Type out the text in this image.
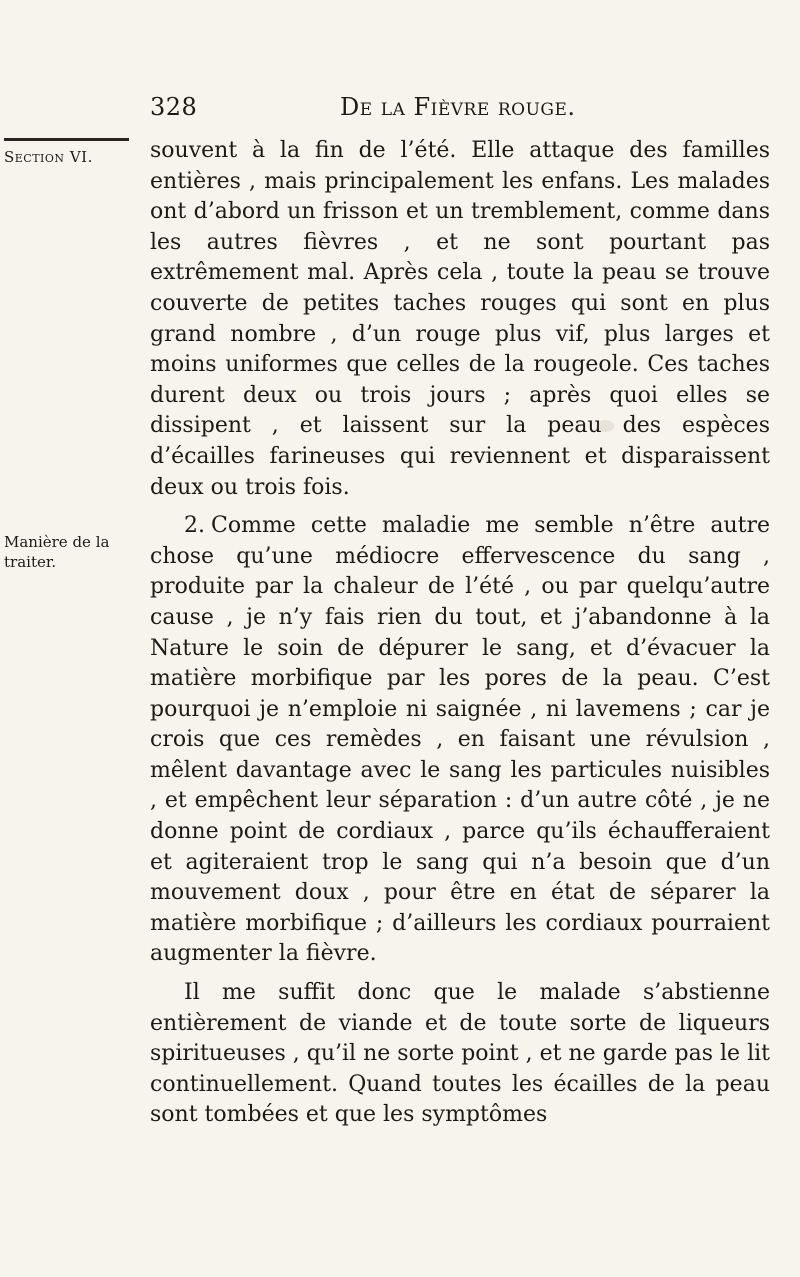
328	De la Fièvre rouge.
Section VI.
Manière de la traiter.

souvent à la fin de l’été. Elle attaque des familles entières , mais principalement les enfans. Les malades ont d’abord un frisson et un tremblement, comme dans les autres fièvres , et ne sont pourtant pas extrêmement mal. Après cela , toute la peau se trouve couverte de petites taches rouges qui sont en plus grand nombre , d’un rouge plus vif, plus larges et moins uniformes que celles de la rougeole. Ces taches durent deux ou trois jours ; après quoi elles se dissipent , et laissent sur la peau des espèces d’écailles farineuses qui reviennent et disparaissent deux ou trois fois.

2. Comme cette maladie me semble n’être autre chose qu’une médiocre effervescence du sang , produite par la chaleur de l’été , ou par quelqu’autre cause , je n’y fais rien du tout, et j’abandonne à la Nature le soin de dépurer le sang, et d’évacuer la matière morbifique par les pores de la peau. C’est pourquoi je n’emploie ni saignée , ni lavemens ; car je crois que ces remèdes , en faisant une révulsion , mêlent davantage avec le sang les particules nuisibles , et empêchent leur séparation : d’un autre côté , je ne donne point de cordiaux , parce qu’ils échaufferaient et agiteraient trop le sang qui n’a besoin que d’un mouvement doux , pour être en état de séparer la matière morbifique ; d’ailleurs les cordiaux pourraient augmenter la fièvre.

Il me suffit donc que le malade s’abstienne entièrement de viande et de toute sorte de liqueurs spiritueuses , qu’il ne sorte point , et ne garde pas le lit continuellement. Quand toutes les écailles de la peau sont tombées et que les symptômes
